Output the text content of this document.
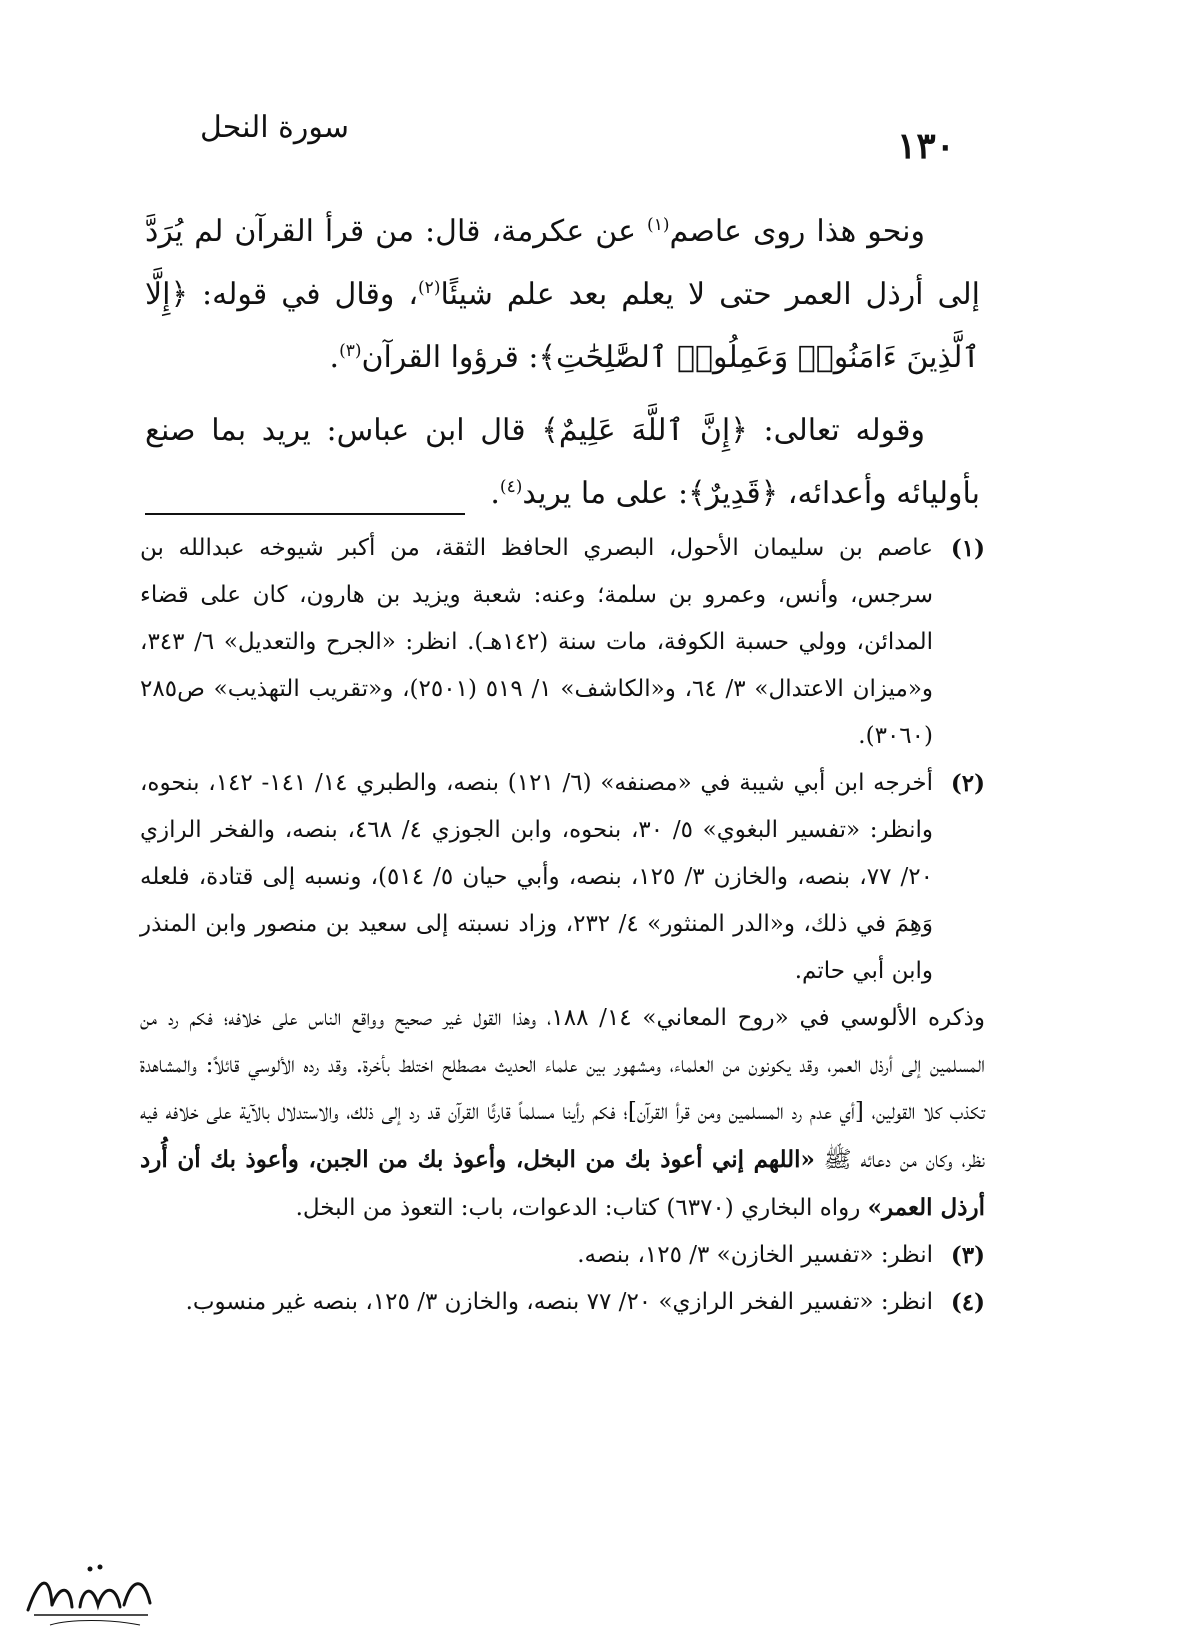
سورة النحل	١٣٠

ونحو هذا روى عاصم$^{(١)}$ عن عكرمة، قال: من قرأ القرآن لم يُرَدَّ إلى أرذل العمر حتى لا يعلم بعد علم شيئًا$^{(٢)}$، وقال في قوله: ﴿إِلَّا ٱلَّذِينَ ءَامَنُوا۟ وَعَمِلُوا۟ ٱلصَّٰلِحَٰتِ﴾: قرؤوا القرآن$^{(٣)}$.

وقوله تعالى: ﴿إِنَّ ٱللَّهَ عَلِيمٌ﴾ قال ابن عباس: يريد بما صنع بأوليائه وأعدائه، ﴿قَدِيرٌ﴾: على ما يريد$^{(٤)}$.

(١)
عاصم بن سليمان الأحول، البصري الحافظ الثقة، من أكبر شيوخه عبدالله بن سرجس، وأنس، وعمرو بن سلمة؛ وعنه: شعبة ويزيد بن هارون، كان على قضاء المدائن، وولي حسبة الكوفة، مات سنة (١٤٢هـ). انظر: «الجرح والتعديل» ٦/ ٣٤٣، و«ميزان الاعتدال» ٣/ ٦٤، و«الكاشف» ١/ ٥١٩ (٢٥٠١)، و«تقريب التهذيب» ص٢٨٥ (٣٠٦٠).
(٢)
أخرجه ابن أبي شيبة في «مصنفه» (٦/ ١٢١) بنصه، والطبري ١٤/ ١٤١- ١٤٢، بنحوه، وانظر: «تفسير البغوي» ٥/ ٣٠، بنحوه، وابن الجوزي ٤/ ٤٦٨، بنصه، والفخر الرازي ٢٠/ ٧٧، بنصه، والخازن ٣/ ١٢٥، بنصه، وأبي حيان ٥/ ٥١٤)، ونسبه إلى قتادة، فلعله وَهِمَ في ذلك، و«الدر المنثور» ٤/ ٢٣٢، وزاد نسبته إلى سعيد بن منصور وابن المنذر وابن أبي حاتم.
وذكره الألوسي في «روح المعاني» ١٤/ ١٨٨، وهذا القول غير صحيح وواقع الناس على خلافه؛ فكم رد من المسلمين إلى أرذل العمر، وقد يكونون من العلماء، ومشهور بين علماء الحديث مصطلح اختلط بأخرة. وقد رده الألوسي قائلاً: والمشاهدة تكذب كلا القولين، [أي عدم رد المسلمين ومن قرأ القرآن]؛ فكم رأينا مسلماً قارئًا القرآن قد رد إلى ذلك، والاستدلال بالآية على خلافه فيه نظر، وكان من دعائه ﷺ «اللهم إني أعوذ بك من البخل، وأعوذ بك من الجبن، وأعوذ بك أن أُرد أرذل العمر» رواه البخاري (٦٣٧٠) كتاب: الدعوات، باب: التعوذ من البخل.
(٣)
انظر: «تفسير الخازن» ٣/ ١٢٥، بنصه.
(٤)
انظر: «تفسير الفخر الرازي» ٢٠/ ٧٧ بنصه، والخازن ٣/ ١٢٥، بنصه غير منسوب.
